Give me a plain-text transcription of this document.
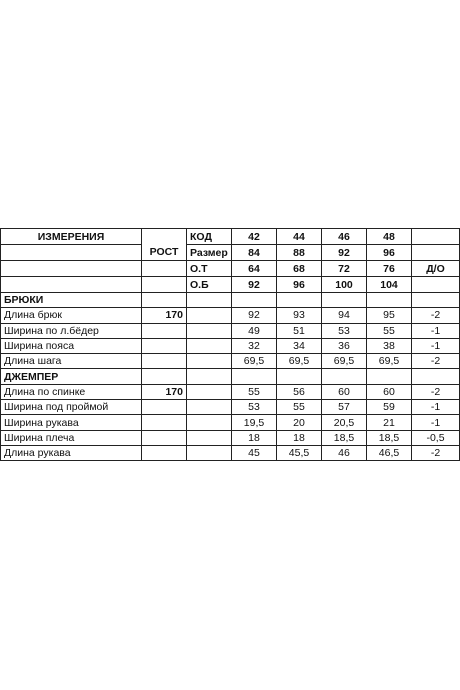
ИЗМЕРЕНИЯ		КОД	42	44	46	48	
	РОСТ	Размер	84	88	92	96	
		О.Т	64	68	72	76	Д/О
		О.Б	92	96	100	104	
БРЮКИ							
Длина брюк	170		92	93	94	95	-2
Ширина по л.бёдер			49	51	53	55	-1
Ширина пояса			32	34	36	38	-1
Длина шага			69,5	69,5	69,5	69,5	-2
ДЖЕМПЕР							
Длина по спинке	170		55	56	60	60	-2
Ширина под проймой			53	55	57	59	-1
Ширина рукава			19,5	20	20,5	21	-1
Ширина плеча			18	18	18,5	18,5	-0,5
Длина рукава			45	45,5	46	46,5	-2
